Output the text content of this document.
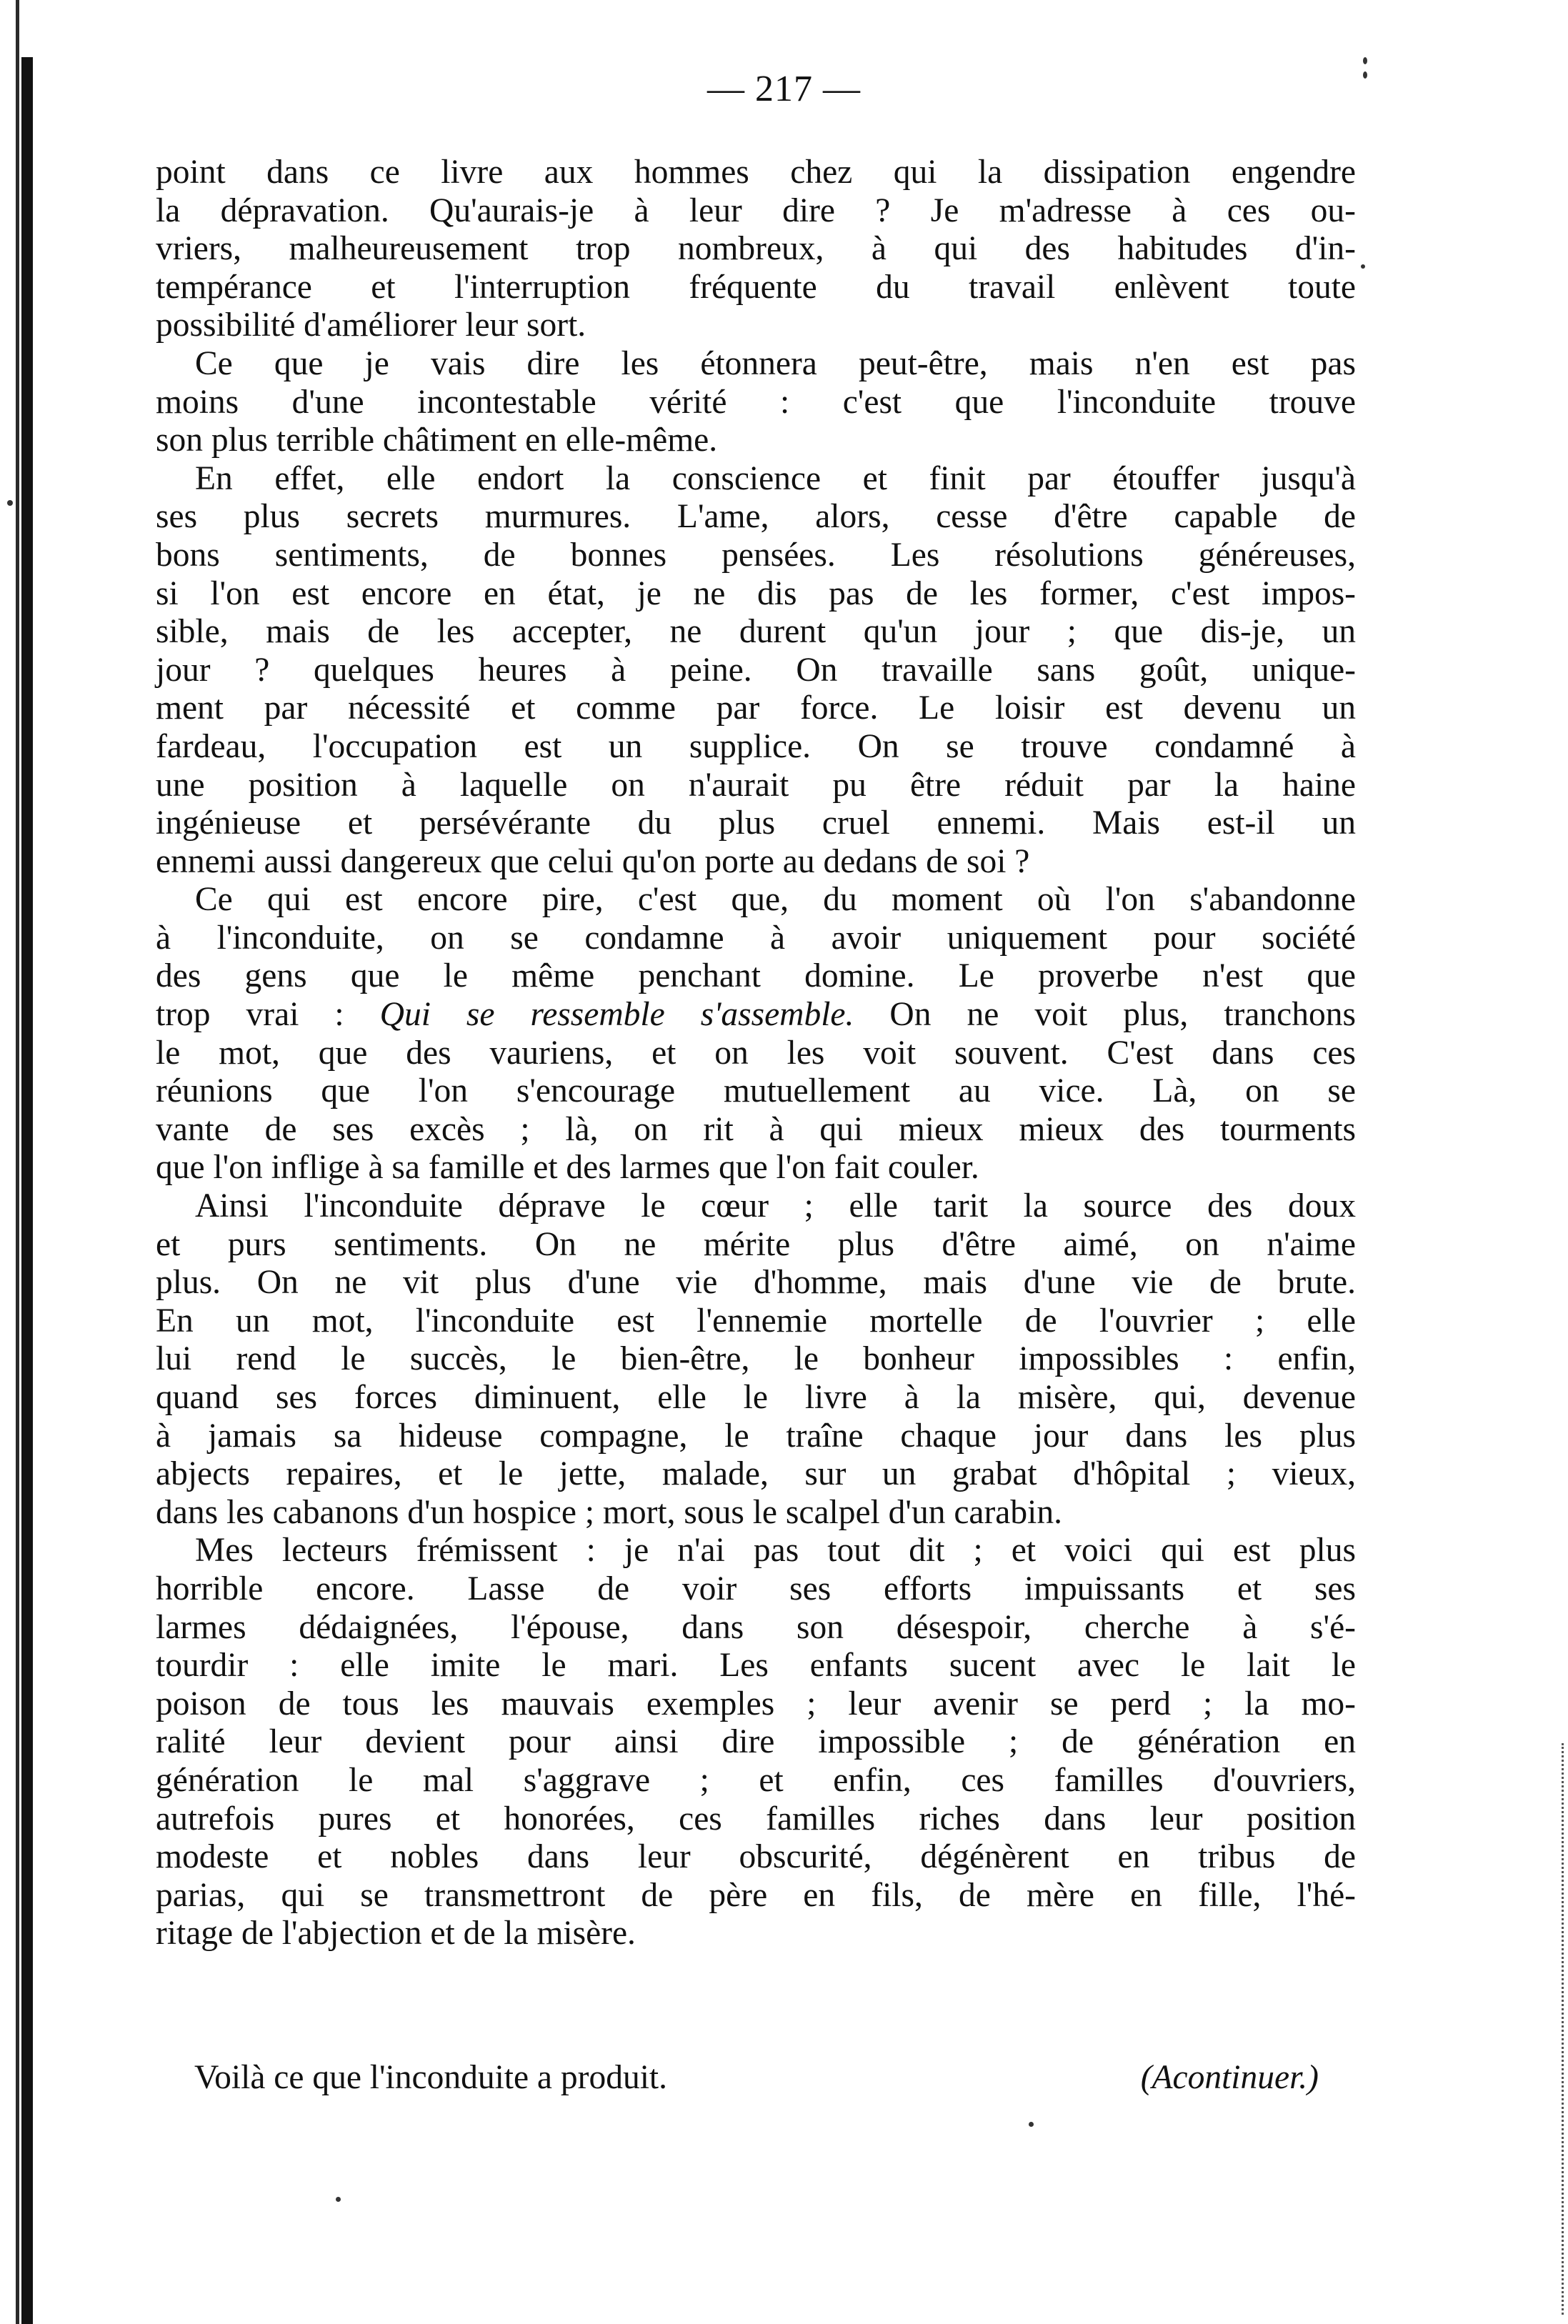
— 217 —
point dans ce livre aux hommes chez qui la dissipation engendre
la dépravation. Qu'aurais-je à leur dire ? Je m'adresse à ces ou-
vriers, malheureusement trop nombreux, à qui des habitudes d'in-
tempérance et l'interruption fréquente du travail enlèvent toute
possibilité d'améliorer leur sort.
Ce que je vais dire les étonnera peut-être, mais n'en est pas
moins d'une incontestable vérité : c'est que l'inconduite trouve
son plus terrible châtiment en elle-même.
En effet, elle endort la conscience et finit par étouffer jusqu'à
ses plus secrets murmures. L'ame, alors, cesse d'être capable de
bons sentiments, de bonnes pensées. Les résolutions généreuses,
si l'on est encore en état, je ne dis pas de les former, c'est impos-
sible, mais de les accepter, ne durent qu'un jour ; que dis-je, un
jour ? quelques heures à peine. On travaille sans goût, unique-
ment par nécessité et comme par force. Le loisir est devenu un
fardeau, l'occupation est un supplice. On se trouve condamné à
une position à laquelle on n'aurait pu être réduit par la haine
ingénieuse et persévérante du plus cruel ennemi. Mais est-il un
ennemi aussi dangereux que celui qu'on porte au dedans de soi ?
Ce qui est encore pire, c'est que, du moment où l'on s'abandonne
à l'inconduite, on se condamne à avoir uniquement pour société
des gens que le même penchant domine. Le proverbe n'est que
trop vrai : Qui se ressemble s'assemble. On ne voit plus, tranchons
le mot, que des vauriens, et on les voit souvent. C'est dans ces
réunions que l'on s'encourage mutuellement au vice. Là, on se
vante de ses excès ; là, on rit à qui mieux mieux des tourments
que l'on inflige à sa famille et des larmes que l'on fait couler.
Ainsi l'inconduite déprave le cœur ; elle tarit la source des doux
et purs sentiments. On ne mérite plus d'être aimé, on n'aime
plus. On ne vit plus d'une vie d'homme, mais d'une vie de brute.
En un mot, l'inconduite est l'ennemie mortelle de l'ouvrier ; elle
lui rend le succès, le bien-être, le bonheur impossibles : enfin,
quand ses forces diminuent, elle le livre à la misère, qui, devenue
à jamais sa hideuse compagne, le traîne chaque jour dans les plus
abjects repaires, et le jette, malade, sur un grabat d'hôpital ; vieux,
dans les cabanons d'un hospice ; mort, sous le scalpel d'un carabin.
Mes lecteurs frémissent : je n'ai pas tout dit ; et voici qui est plus
horrible encore. Lasse de voir ses efforts impuissants et ses
larmes dédaignées, l'épouse, dans son désespoir, cherche à s'é-
tourdir : elle imite le mari. Les enfants sucent avec le lait le
poison de tous les mauvais exemples ; leur avenir se perd ; la mo-
ralité leur devient pour ainsi dire impossible ; de génération en
génération le mal s'aggrave ; et enfin, ces familles d'ouvriers,
autrefois pures et honorées, ces familles riches dans leur position
modeste et nobles dans leur obscurité, dégénèrent en tribus de
parias, qui se transmettront de père en fils, de mère en fille, l'hé-
ritage de l'abjection et de la misère.
Voilà ce que l'inconduite a produit.	(Acontinuer.)
